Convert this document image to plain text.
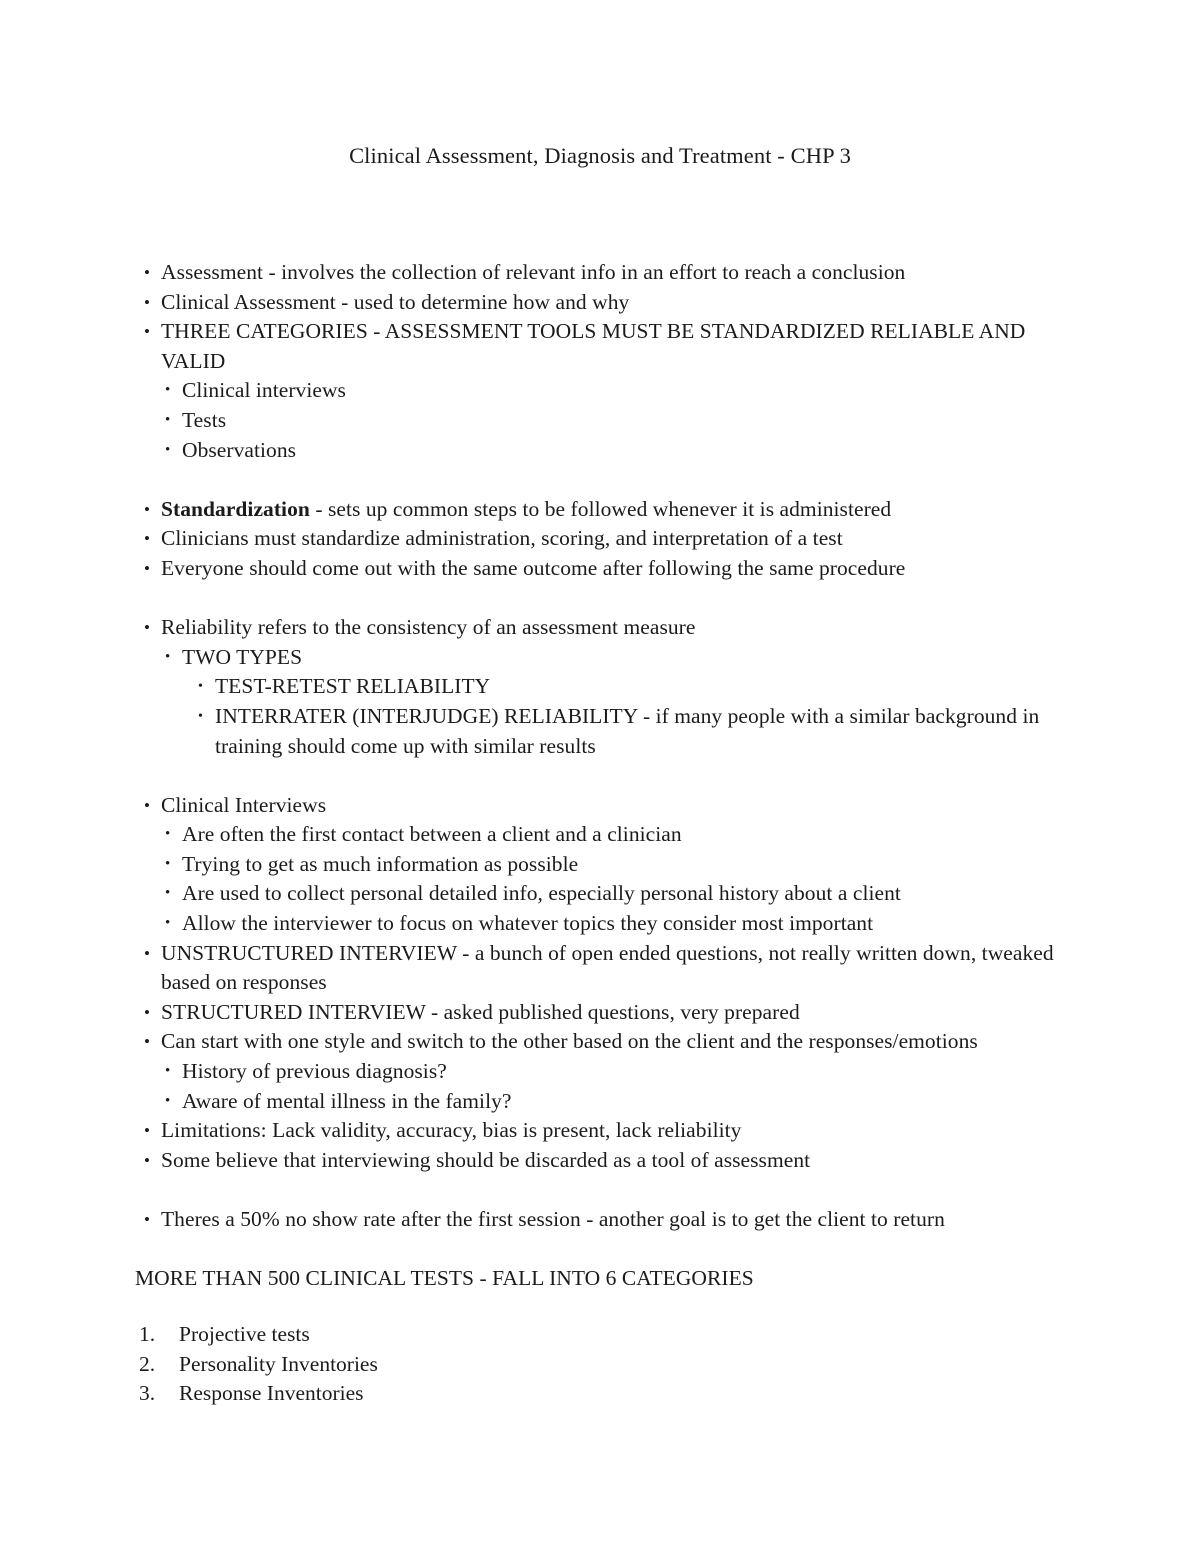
Clinical Assessment, Diagnosis and Treatment - CHP 3
• Assessment - involves the collection of relevant info in an effort to reach a conclusion
• Clinical Assessment - used to determine how and why
• THREE CATEGORIES - ASSESSMENT TOOLS MUST BE STANDARDIZED RELIABLE AND VALID
• Clinical interviews
• Tests
• Observations
• Standardization - sets up common steps to be followed whenever it is administered
• Clinicians must standardize administration, scoring, and interpretation of a test
• Everyone should come out with the same outcome after following the same procedure
• Reliability refers to the consistency of an assessment measure
• TWO TYPES
• TEST-RETEST RELIABILITY
• INTERRATER (INTERJUDGE) RELIABILITY - if many people with a similar background in training should come up with similar results
• Clinical Interviews
• Are often the first contact between a client and a clinician
• Trying to get as much information as possible
• Are used to collect personal detailed info, especially personal history about a client
• Allow the interviewer to focus on whatever topics they consider most important
• UNSTRUCTURED INTERVIEW - a bunch of open ended questions, not really written down, tweaked based on responses
• STRUCTURED INTERVIEW - asked published questions, very prepared
• Can start with one style and switch to the other based on the client and the responses/emotions
• History of previous diagnosis?
• Aware of mental illness in the family?
• Limitations: Lack validity, accuracy, bias is present, lack reliability
• Some believe that interviewing should be discarded as a tool of assessment
• Theres a 50% no show rate after the first session - another goal is to get the client to return
MORE THAN 500 CLINICAL TESTS - FALL INTO 6 CATEGORIES
1. Projective tests
2. Personality Inventories
3. Response Inventories
